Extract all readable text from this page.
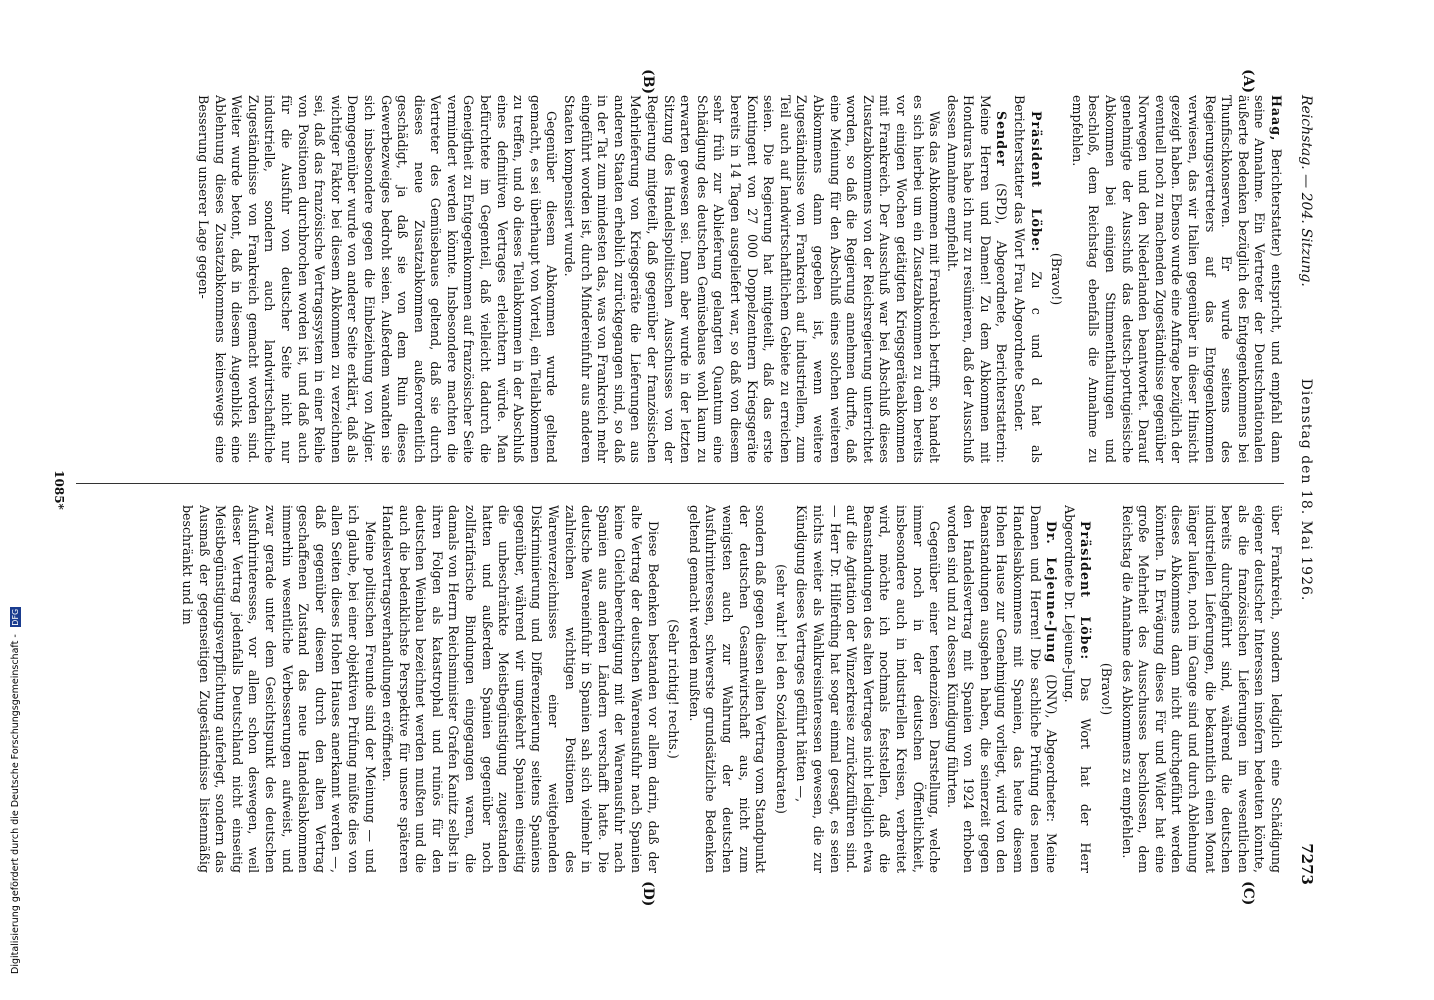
Reichstag. — 204. Sitzung.
Dienstag den 18. Mai 1926.
7273
(A)
(B)
(C)
(D)

Haag, Berichterstatter) entspricht, und empfahl dann seine Annahme. Ein Vertreter der Deutschnationalen äußerte Bedenken bezüglich des Entgegenkommens bei Thunfischkonserven. Er wurde seitens des Regierungsvertreters auf das Entgegenkommen verwiesen, das wir Italien gegenüber in dieser Hinsicht gezeigt haben. Ebenso wurde eine Anfrage bezüglich der eventuell noch zu machenden Zugeständnisse gegenüber Norwegen und den Niederlanden beantwortet. Darauf genehmigte der Ausschuß das deutsch-portugiesische Abkommen bei einigen Stimmenthaltungen und beschloß, dem Reichstag ebenfalls die Annahme zu empfehlen.

(Bravo!)

Präsident Löbe: Zu c und d hat als Berichterstatter das Wort Frau Abgeordnete Sender.

Sender (SPD), Abgeordnete, Berichterstatterin: Meine Herren und Damen! Zu dem Abkommen mit Honduras habe ich nur zu resümieren, daß der Ausschuß dessen Annahme empfiehlt.

Was das Abkommen mit Frankreich betrifft, so handelt es sich hierbei um ein Zusatzabkommen zu dem bereits vor einigen Wochen getätigten Kriegsgeräteabkommen mit Frankreich. Der Ausschuß war bei Abschluß dieses Zusatzabkommens von der Reichsregierung unterrichtet worden, so daß die Regierung annehmen durfte, daß eine Meinung für den Abschluß eines solchen weiteren Abkommens dann gegeben ist, wenn weitere Zugeständnisse von Frankreich auf industriellem, zum Teil auch auf landwirtschaftlichem Gebiete zu erreichen seien. Die Regierung hat mitgeteilt, daß das erste Kontingent von 27 000 Doppelzentnern Kriegsgeräte bereits in 14 Tagen ausgeliefert war, so daß von diesem sehr früh zur Ablieferung gelangten Quantum eine Schädigung des deutschen Gemüsebaues wohl kaum zu erwarten gewesen sei. Dann aber wurde in der letzten Sitzung des Handelspolitischen Ausschusses von der Regierung mitgeteilt, daß gegenüber der französischen Mehrlieferung von Kriegsgeräte die Lieferungen aus anderen Staaten erheblich zurückgegangen sind, so daß in der Tat zum mindesten das, was von Frankreich mehr eingeführt worden ist, durch Mindereinfuhr aus anderen Staaten kompensiert wurde.

Gegenüber diesem Abkommen wurde geltend gemacht, es sei überhaupt von Vorteil, ein Teilabkommen zu treffen, und ob dieses Teilabkommen in der Abschluß eines definitiven Vertrages erleichtern würde. Man befürchtete im Gegenteil, daß vielleicht dadurch die Geneigtheit zu Entgegenkommen auf französischer Seite vermindert werden könnte. Insbesondere machten die Vertreter des Gemüsebaues geltend, daß sie durch dieses neue Zusatzabkommen außerordentlich geschädigt, ja daß sie von dem Ruin dieses Gewerbezweiges bedroht seien. Außerdem wandten sie sich insbesondere gegen die Einbeziehung von Algier. Demgegenüber wurde von anderer Seite erklärt, daß als wichtiger Faktor bei diesem Abkommen zu verzeichnen sei, daß das französische Vertragssystem in einer Reihe von Positionen durchbrochen worden ist, und daß auch für die Ausfuhr von deutscher Seite nicht nur industrielle, sondern auch landwirtschaftliche Zugeständnisse von Frankreich gemacht worden sind. Weiter wurde betont, daß in diesem Augenblick eine Ablehnung dieses Zusatzabkommens keineswegs eine Besserung unserer Lage gegen-

über Frankreich, sondern lediglich eine Schädigung eigener deutscher Interessen insofern bedeuten könnte, als die französischen Lieferungen im wesentlichen bereits durchgeführt sind, während die deutschen industriellen Lieferungen, die bekanntlich einen Monat länger laufen, noch im Gange sind und durch Ablehnung dieses Abkommens dann nicht durchgeführt werden könnten. In Erwägung dieses Für und Wider hat eine große Mehrheit des Ausschusses beschlossen, dem Reichstag die Annahme des Abkommens zu empfehlen.

(Bravo!)

Präsident Löbe: Das Wort hat der Herr Abgeordnete Dr. Lejeune-Jung.

Dr. Lejeune-Jung (DNV), Abgeordneter: Meine Damen und Herren! Die sachliche Prüfung des neuen Handelsabkommens mit Spanien, das heute diesem Hohen Hause zur Genehmigung vorliegt, wird von den Beanstandungen ausgehen haben, die seinerzeit gegen den Handelsvertrag mit Spanien von 1924 erhoben worden sind und zu dessen Kündigung führten.

Gegenüber einer tendenziösen Darstellung, welche immer noch in der deutschen Öffentlichkeit, insbesondere auch in industriellen Kreisen, verbreitet wird, möchte ich nochmals feststellen, daß die Beanstandungen des alten Vertrages nicht lediglich etwa auf die Agitation der Winzerkreise zurückzuführen sind. — Herr Dr. Hilferding hat sogar einmal gesagt, es seien nichts weiter als Wahlkreisinteressen gewesen, die zur Kündigung dieses Vertrages geführt hätten —,

(sehr wahr! bei den Sozialdemokraten)

sondern daß gegen diesen alten Vertrag vom Standpunkt der deutschen Gesamtwirtschaft aus, nicht zum wenigsten auch zur Wahrung der deutschen Ausfuhrinteressen, schwerste grundsätzliche Bedenken geltend gemacht werden mußten.

(Sehr richtig! rechts.)

Diese Bedenken bestanden vor allem darin, daß der alte Vertrag der deutschen Warenausfuhr nach Spanien keine Gleichberechtigung mit der Warenausfuhr nach Spanien aus anderen Ländern verschafft hatte. Die deutsche Wareneinfuhr in Spanien sah sich vielmehr in zahlreichen wichtigen Positionen des Warenverzeichnisses einer weitgehenden Diskriminierung und Differenzierung seitens Spaniens gegenüber, während wir umgekehrt Spanien einseitig die unbeschränkte Meistbegünstigung zugestanden hatten und außerdem Spanien gegenüber noch zollfarifarische Bindungen eingegangen waren, die damals von Herrn Reichsminister Grafen Kanitz selbst in ihren Folgen als katastrophal und ruinös für den deutschen Weinbau bezeichnet werden mußten und die auch die bedenklichste Perspektive für unsere späteren Handelsvertragsverhandlungen eröffneten.

Meine politischen Freunde sind der Meinung — und ich glaube, bei einer objektiven Prüfung müßte dies von allen Seiten dieses Hohen Hauses anerkannt werden —, daß gegenüber diesem durch den alten Vertrag geschaffenen Zustand das neue Handelsabkommen immerhin wesentliche Verbesserungen aufweist, und zwar gerade unter dem Gesichtspunkt des deutschen Ausfuhrinteresses, vor allem schon deswegen, weil dieser Vertrag jedenfalls Deutschland nicht einseitig Meistbegünstigungsverpflichtung auferlegt, sondern das Ausmaß der gegenseitigen Zugeständnisse listenmäßig beschränkt und im

1085*
Digitalisierung gefördert durch die Deutsche Forschungsgemeinschaft - DFG
